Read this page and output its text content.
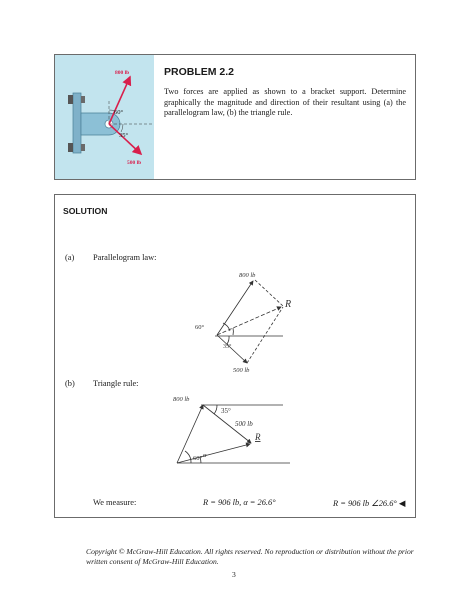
800 lb
500 lb
60°
35°
PROBLEM 2.2
Two forces are applied as shown to a bracket support. Determine graphically the magnitude and direction of their resultant using (a) the parallelogram law, (b) the triangle rule.
SOLUTION
(a) Parallelogram law:
800 lb
500 lb
60°
35°
R
(b) Triangle rule:
800 lb
500 lb
35°
60° α
R
We measure:	R = 906 lb, α = 26.6°	R = 906 lb ∠26.6° ◀
Copyright © McGraw-Hill Education. All rights reserved. No reproduction or distribution without the prior written consent of McGraw-Hill Education.
3
